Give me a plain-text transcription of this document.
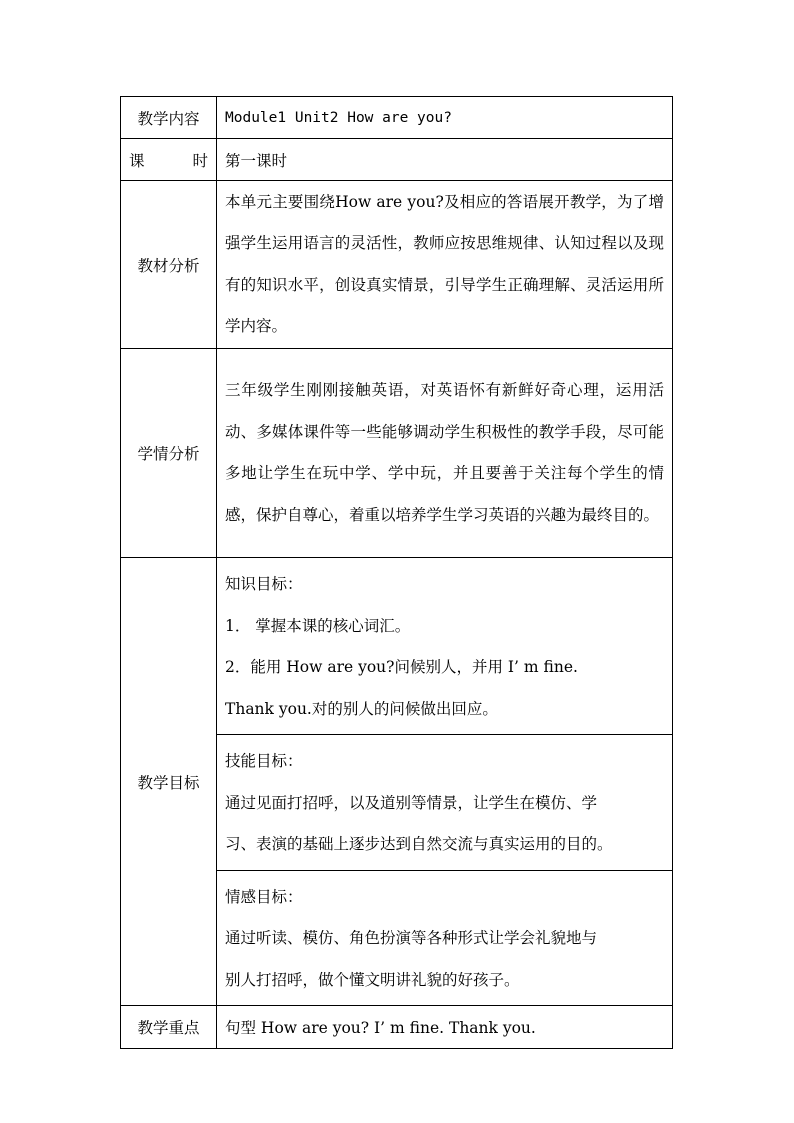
教学内容	Module1 Unit2 How are you?
课 时	第一课时
教材分析	本单元主要围绕How are you?及相应的答语展开教学，为了增强学生运用语言的灵活性，教师应按思维规律、认知过程以及现有的知识水平，创设真实情景，引导学生正确理解、灵活运用所学内容。

学情分析	三年级学生刚刚接触英语，对英语怀有新鲜好奇心理，运用活动、多媒体课件等一些能够调动学生积极性的教学手段，尽可能多地让学生在玩中学、学中玩，并且要善于关注每个学生的情感，保护自尊心，着重以培养学生学习英语的兴趣为最终目的。

教学目标	知识目标：
1． 掌握本课的核心词汇。
2．能用 How are you?问候别人，并用 I’ m fine.
Thank you.对的别人的问候做出回应。

	技能目标：
通过见面打招呼，以及道别等情景，让学生在模仿、学
习、表演的基础上逐步达到自然交流与真实运用的目的。

	情感目标：
通过听读、模仿、角色扮演等各种形式让学会礼貌地与
别人打招呼，做个懂文明讲礼貌的好孩子。

教学重点	句型 How are you? I’ m fine. Thank you.
